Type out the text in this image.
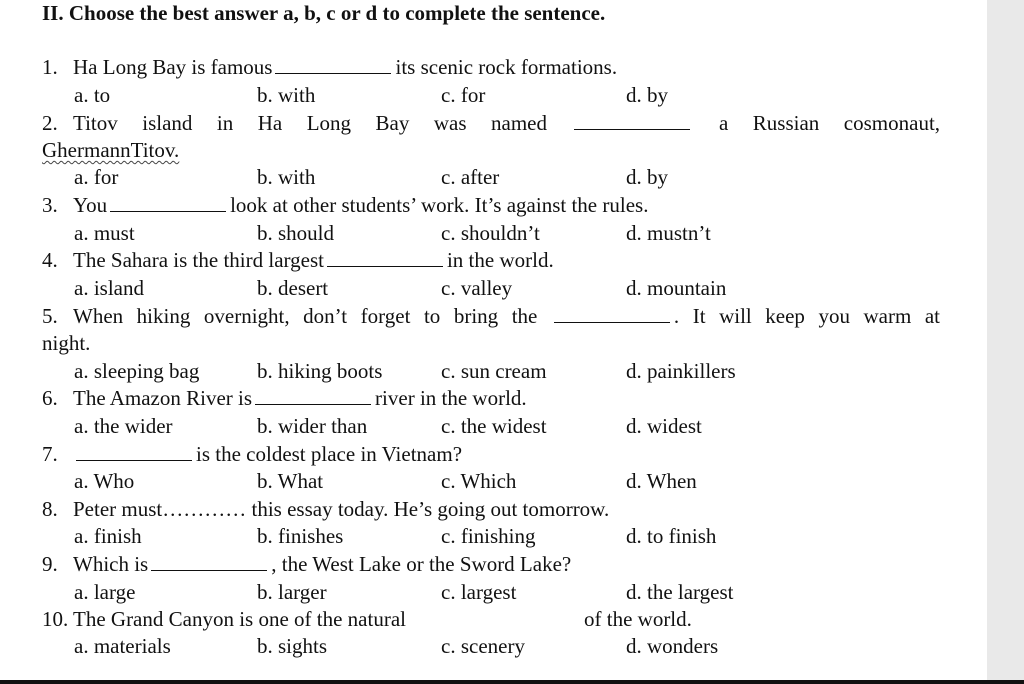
II. Choose the best answer a, b, c or d to complete the sentence.
1. Ha Long Bay is famous	its scenic rock formations.
a. to	b. with	c. for	d. by
2. Titov island in Ha Long Bay was named	a Russian cosmonaut,
GhermannTitov.
a. for	b. with	c. after	d. by
3. You	look at other students’ work. It’s against the rules.
a. must	b. should	c. shouldn’t	d. mustn’t
4. The Sahara is the third largest	in the world.
a. island	b. desert	c. valley	d. mountain
5. When hiking overnight, don’t forget to bring the	. It will keep you warm at
night.
a. sleeping bag	b. hiking boots	c. sun cream	d. painkillers
6. The Amazon River is	river in the world.
a. the wider	b. wider than	c. the widest	d. widest
7.	is the coldest place in Vietnam?
a. Who	b. What	c. Which	d. When
8. Peter must………… this essay today. He’s going out tomorrow.
a. finish	b. finishes	c. finishing	d. to finish
9. Which is	, the West Lake or the Sword Lake?
a. large	b. larger	c. largest	d. the largest
10. The Grand Canyon is one of the natural	of the world.
a. materials	b. sights	c. scenery	d. wonders
